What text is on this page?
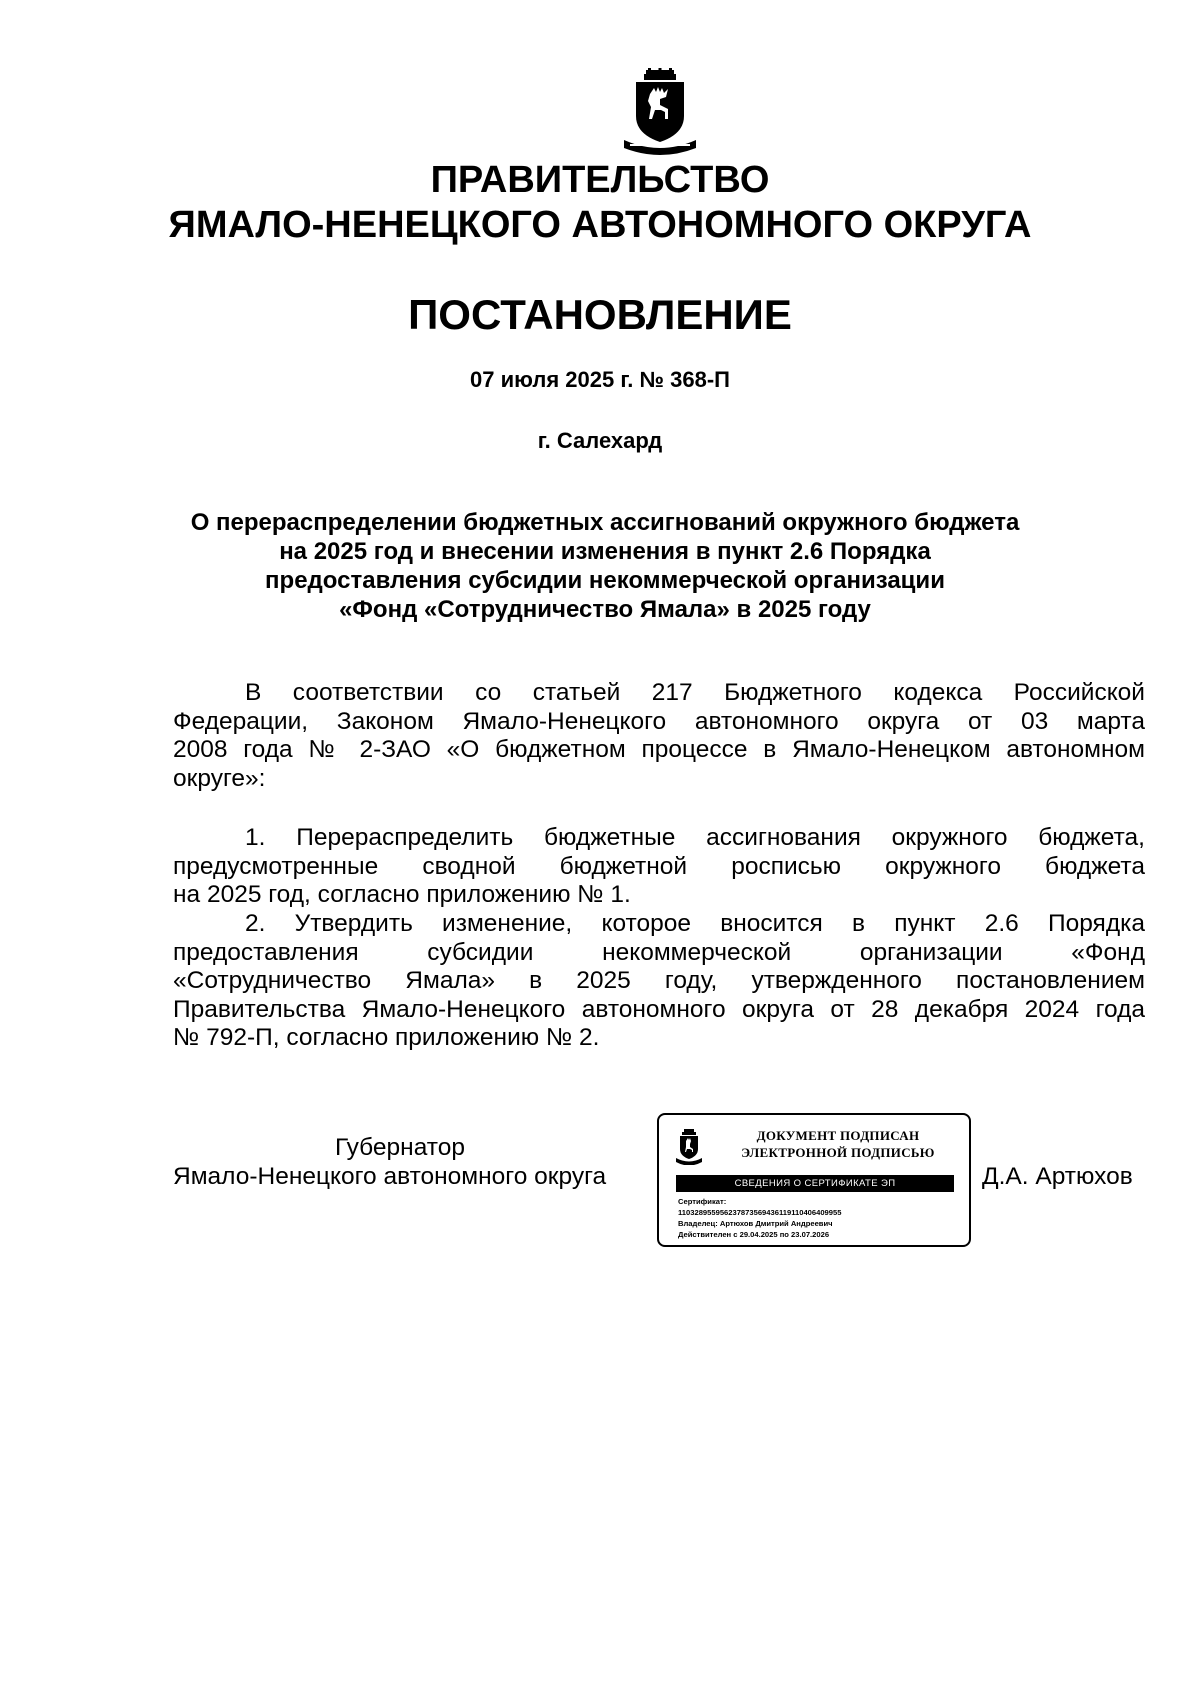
ПРАВИТЕЛЬСТВО
ЯМАЛО-НЕНЕЦКОГО АВТОНОМНОГО ОКРУГА
ПОСТАНОВЛЕНИЕ
07 июля 2025 г. № 368-П
г. Салехард
О перераспределении бюджетных ассигнований окружного бюджета
на 2025 год и внесении изменения в пункт 2.6 Порядка
предоставления субсидии некоммерческой организации
«Фонд «Сотрудничество Ямала» в 2025 году
В соответствии со статьей 217 Бюджетного кодекса Российской
Федерации, Законом Ямало-Ненецкого автономного округа от 03 марта
2008 года № 2-ЗАО «О бюджетном процессе в Ямало-Ненецком автономном
округе»:
1. Перераспределить бюджетные ассигнования окружного бюджета,
предусмотренные сводной бюджетной росписью окружного бюджета
на 2025 год, согласно приложению № 1.
2. Утвердить изменение, которое вносится в пункт 2.6 Порядка
предоставления субсидии некоммерческой организации «Фонд
«Сотрудничество Ямала» в 2025 году, утвержденного постановлением
Правительства Ямало-Ненецкого автономного округа от 28 декабря 2024 года
№ 792-П, согласно приложению № 2.
Губернатор
Ямало-Ненецкого автономного округа
ДОКУМЕНТ ПОДПИСАН
ЭЛЕКТРОННОЙ ПОДПИСЬЮ
СВЕДЕНИЯ О СЕРТИФИКАТЕ ЭП
Сертификат:
110328955956237873569436119110406409955
Владелец: Артюхов Дмитрий Андреевич
Действителен с 29.04.2025 по 23.07.2026
Д.А. Артюхов
